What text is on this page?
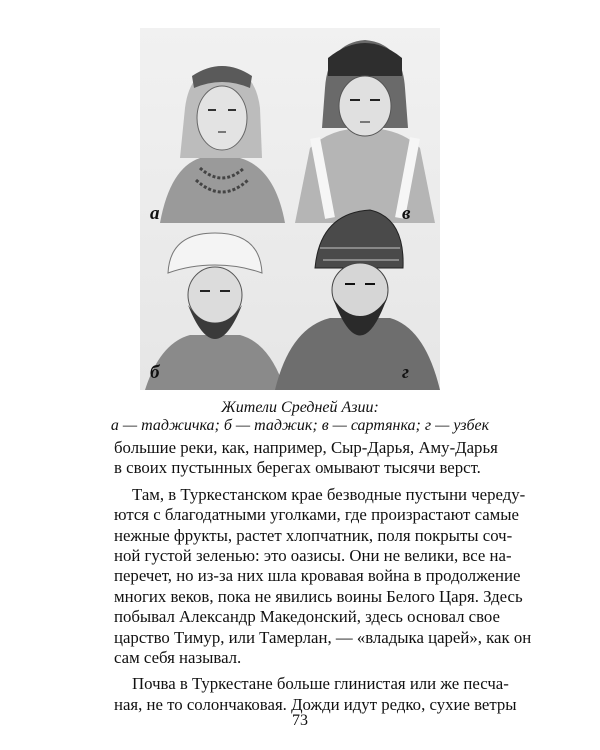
а	в
б	г
Жители Средней Азии:
а — таджичка; б — таджик; в — сартянка; г — узбек
большие реки, как, например, Сыр-Дарья, Аму-Дарья
в своих пустынных берегах омывают тысячи верст.
Там, в Туркестанском крае безводные пустыни череду-
ются с благодатными уголками, где произрастают самые
нежные фрукты, растет хлопчатник, поля покрыты соч-
ной густой зеленью: это оазисы. Они не велики, все на-
перечет, но из-за них шла кровавая война в продолжение
многих веков, пока не явились воины Белого Царя. Здесь
побывал Александр Македонский, здесь основал свое
царство Тимур, или Тамерлан, — «владыка царей», как он
сам себя называл.
Почва в Туркестане больше глинистая или же песча-
ная, не то солончаковая. Дожди идут редко, сухие ветры
73
